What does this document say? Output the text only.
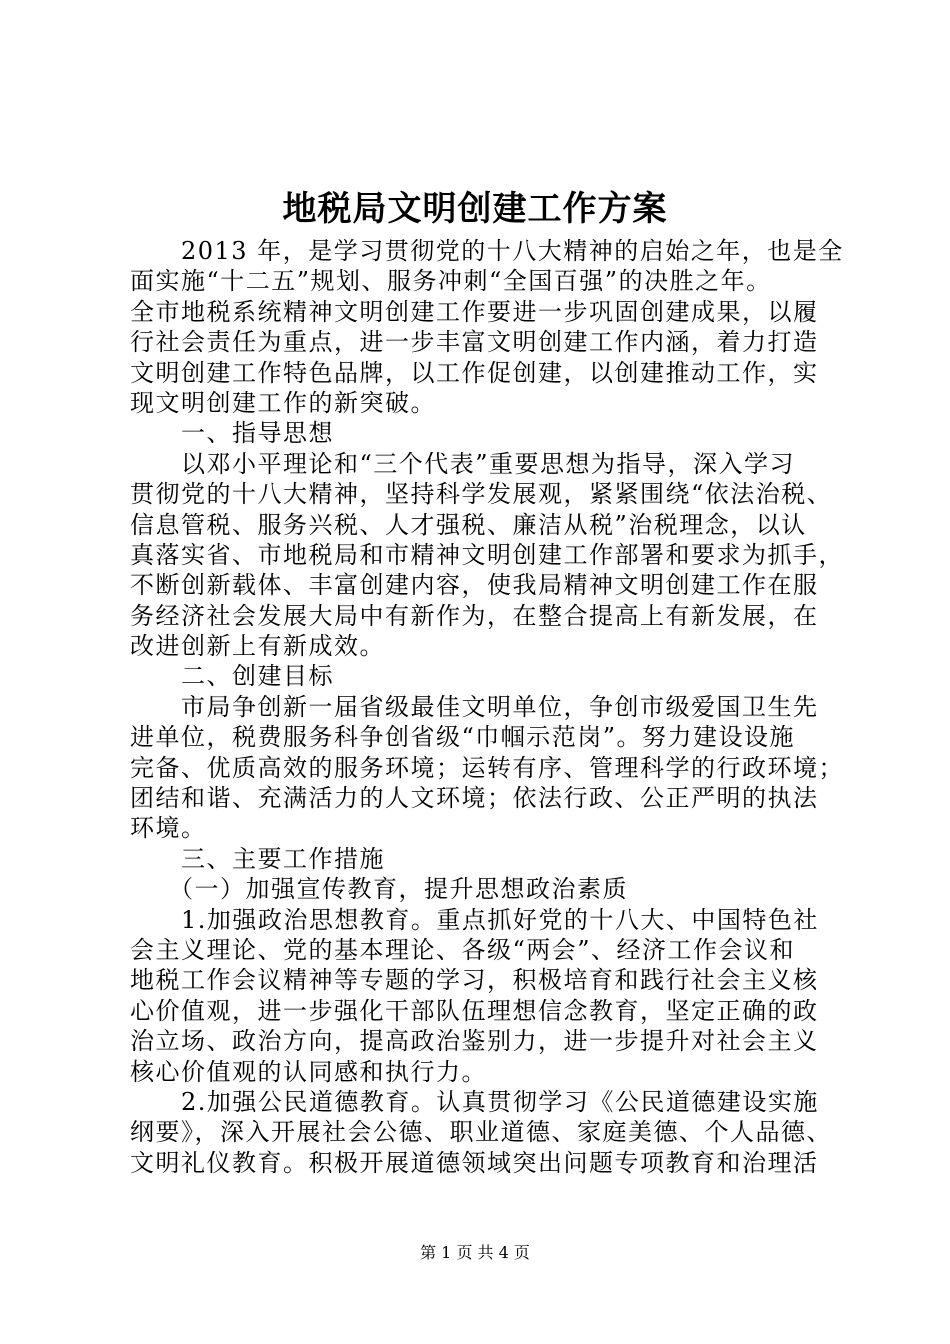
地税局文明创建工作方案
　　2013 年，是学习贯彻党的十八大精神的启始之年，也是全
面实施“十二五”规划、服务冲刺“全国百强”的决胜之年。
全市地税系统精神文明创建工作要进一步巩固创建成果，以履
行社会责任为重点，进一步丰富文明创建工作内涵，着力打造
文明创建工作特色品牌，以工作促创建，以创建推动工作，实
现文明创建工作的新突破。
　　一、指导思想
　　以邓小平理论和“三个代表”重要思想为指导，深入学习
贯彻党的十八大精神，坚持科学发展观，紧紧围绕“依法治税、
信息管税、服务兴税、人才强税、廉洁从税”治税理念，以认
真落实省、市地税局和市精神文明创建工作部署和要求为抓手，
不断创新载体、丰富创建内容，使我局精神文明创建工作在服
务经济社会发展大局中有新作为，在整合提高上有新发展，在
改进创新上有新成效。
　　二、创建目标
　　市局争创新一届省级最佳文明单位，争创市级爱国卫生先
进单位，税费服务科争创省级“巾帼示范岗”。努力建设设施
完备、优质高效的服务环境；运转有序、管理科学的行政环境；
团结和谐、充满活力的人文环境；依法行政、公正严明的执法
环境。
　　三、主要工作措施
　　（一）加强宣传教育，提升思想政治素质
　　1.加强政治思想教育。重点抓好党的十八大、中国特色社
会主义理论、党的基本理论、各级“两会”、经济工作会议和
地税工作会议精神等专题的学习，积极培育和践行社会主义核
心价值观，进一步强化干部队伍理想信念教育，坚定正确的政
治立场、政治方向，提高政治鉴别力，进一步提升对社会主义
核心价值观的认同感和执行力。
　　2.加强公民道德教育。认真贯彻学习《公民道德建设实施
纲要》，深入开展社会公德、职业道德、家庭美德、个人品德、
文明礼仪教育。积极开展道德领域突出问题专项教育和治理活
第 1 页 共 4 页
